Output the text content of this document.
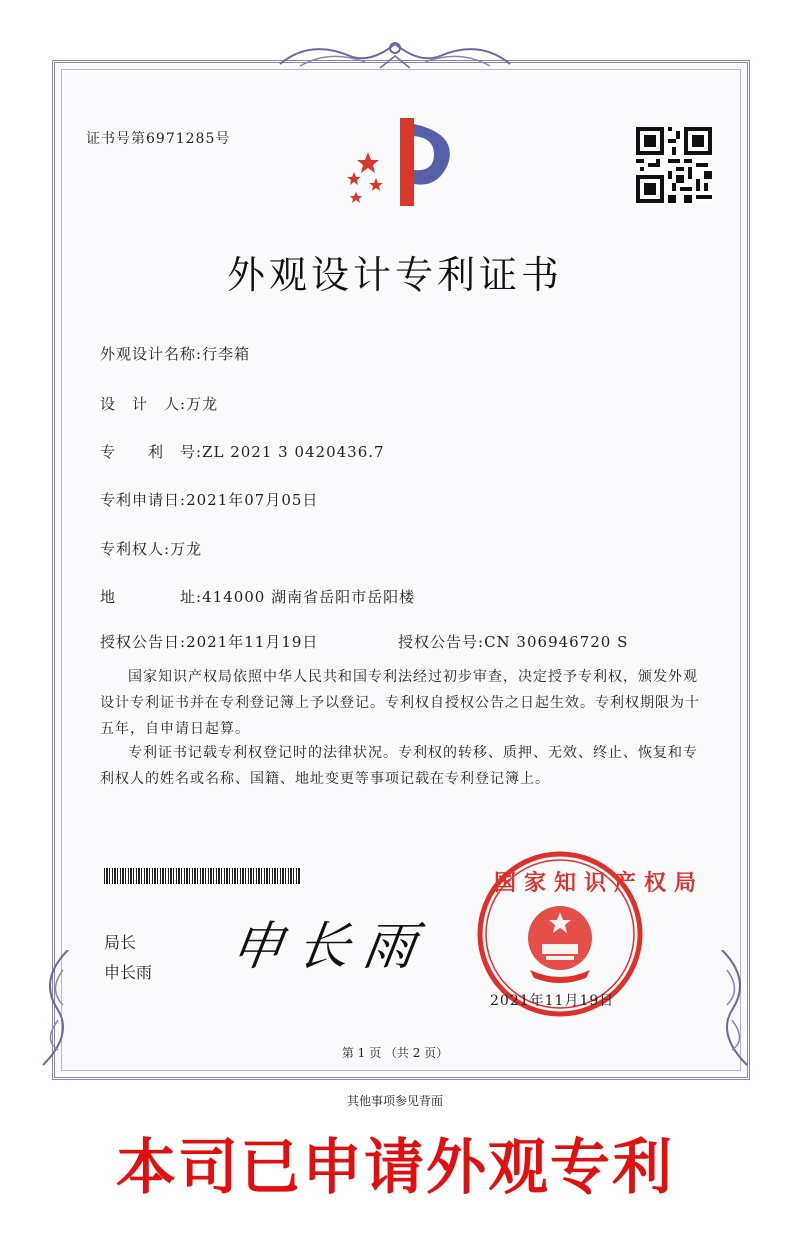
证书号第6971285号
外观设计专利证书
外观设计名称:行李箱
设　计　人:万龙
专　　利　号:ZL 2021 3 0420436.7
专利申请日:2021年07月05日
专利权人:万龙
地　　　　址:414000 湖南省岳阳市岳阳楼
授权公告日:2021年11月19日	授权公告号:CN 306946720 S
国家知识产权局依照中华人民共和国专利法经过初步审查，决定授予专利权，颁发外观设计专利证书并在专利登记簿上予以登记。专利权自授权公告之日起生效。专利权期限为十五年，自申请日起算。
专利证书记载专利权登记时的法律状况。专利权的转移、质押、无效、终止、恢复和专利权人的姓名或名称、国籍、地址变更等事项记载在专利登记簿上。
局长
申长雨 申长雨
国家知识产权局
2021年11月19日
第 1 页 （共 2 页）
其他事项参见背面
本司已申请外观专利
